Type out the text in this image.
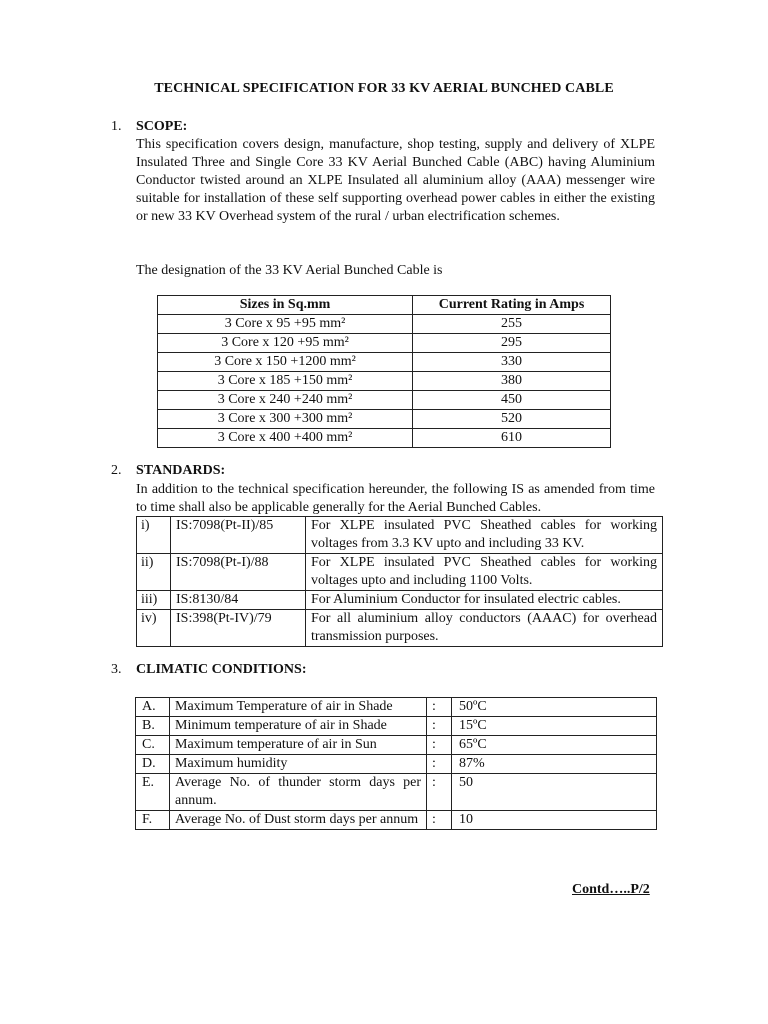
TECHNICAL SPECIFICATION FOR 33 KV AERIAL BUNCHED CABLE
1. SCOPE:
This specification covers design, manufacture, shop testing, supply and delivery of XLPE Insulated Three and Single Core 33 KV Aerial Bunched Cable (ABC) having Aluminium Conductor twisted around an XLPE Insulated all aluminium alloy (AAA) messenger wire suitable for installation of these self supporting overhead power cables in either the existing or new 33 KV Overhead system of the rural / urban electrification schemes.
The designation of the 33 KV Aerial Bunched Cable is
Sizes in Sq.mm	Current Rating in Amps
3 Core x 95 +95 mm²	255
3 Core x 120 +95 mm²	295
3 Core x 150 +1200 mm²	330
3 Core x 185 +150 mm²	380
3 Core x 240 +240 mm²	450
3 Core x 300 +300 mm²	520
3 Core x 400 +400 mm²	610
2. STANDARDS:
In addition to the technical specification hereunder, the following IS as amended from time to time shall also be applicable generally for the Aerial Bunched Cables.
i)	IS:7098(Pt-II)/85	For XLPE insulated PVC Sheathed cables for working voltages from 3.3 KV upto and including 33 KV.
ii)	IS:7098(Pt-I)/88	For XLPE insulated PVC Sheathed cables for working voltages upto and including 1100 Volts.
iii)	IS:8130/84	For Aluminium Conductor for insulated electric cables.
iv)	IS:398(Pt-IV)/79	For all aluminium alloy conductors (AAAC) for overhead transmission purposes.
3. CLIMATIC CONDITIONS:
A.	Maximum Temperature of air in Shade	:	50ºC
B.	Minimum temperature of air in Shade	:	15ºC
C.	Maximum temperature of air in Sun	:	65ºC
D.	Maximum humidity	:	87%
E.	Average No. of thunder storm days per annum.	:	50
F.	Average No. of Dust storm days per annum	:	10
Contd…..P/2
